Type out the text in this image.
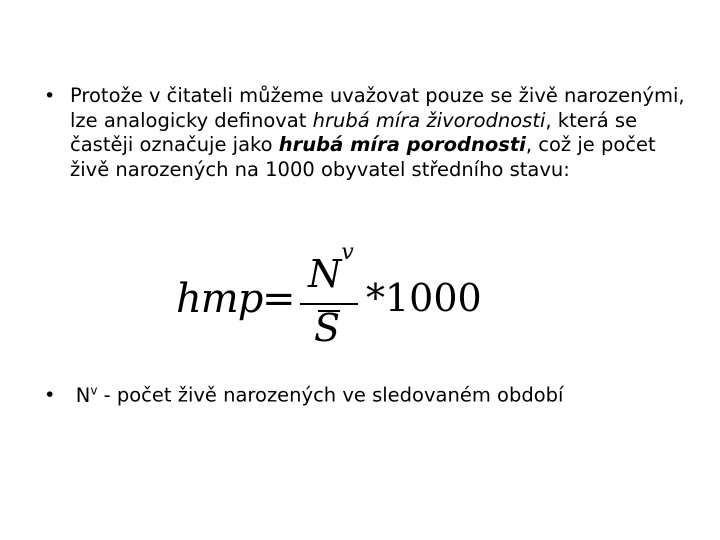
• Protože v čitateli můžeme uvažovat pouze se živě narozenými, lze analogicky definovat hrubá míra živorodnosti, která se častěji označuje jako hrubá míra porodnosti, což je počet živě narozených na 1000 obyvatel středního stavu:
hmp =
$N^v$
S
*1000
• $N^v$ - počet živě narozených ve sledovaném období
